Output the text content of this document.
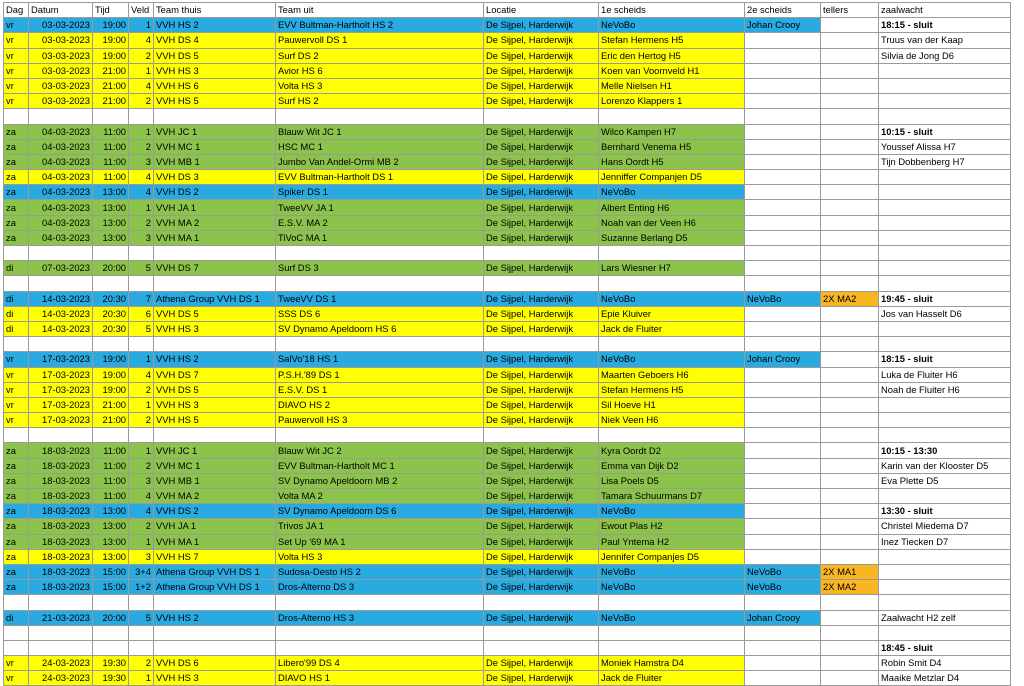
Dag	Datum	Tijd	Veld	Team thuis	Team uit	Locatie	1e scheids	2e scheids	tellers	zaalwacht
vr	03-03-2023	19:00	1	VVH HS 2	EVV Bultman-Hartholt HS 2	De Sijpel, Harderwijk	NeVoBo	Johan Crooy		18:15 - sluit
vr	03-03-2023	19:00	4	VVH DS 4	Pauwervoll DS 1	De Sijpel, Harderwijk	Stefan Hermens H5			Truus van der Kaap
vr	03-03-2023	19:00	2	VVH DS 5	Surf DS 2	De Sijpel, Harderwijk	Eric den Hertog H5			Silvia de Jong D6
vr	03-03-2023	21:00	1	VVH HS 3	Avior HS 6	De Sijpel, Harderwijk	Koen van Voornveld H1			
vr	03-03-2023	21:00	4	VVH HS 6	Volta HS 3	De Sijpel, Harderwijk	Melle Nielsen H1			
vr	03-03-2023	21:00	2	VVH HS 5	Surf HS 2	De Sijpel, Harderwijk	Lorenzo Klappers 1			

za	04-03-2023	11:00	1	VVH JC 1	Blauw Wit JC 1	De Sijpel, Harderwijk	Wilco Kampen H7			10:15 - sluit
za	04-03-2023	11:00	2	VVH MC 1	HSC MC 1	De Sijpel, Harderwijk	Bernhard Venema H5			Youssef Alissa H7
za	04-03-2023	11:00	3	VVH MB 1	Jumbo Van Andel-Ormi MB 2	De Sijpel, Harderwijk	Hans Oordt H5			Tijn Dobbenberg H7
za	04-03-2023	11:00	4	VVH DS 3	EVV Bultman-Hartholt DS 1	De Sijpel, Harderwijk	Jenniffer Companjen D5			
za	04-03-2023	13:00	4	VVH DS 2	Spiker DS 1	De Sijpel, Harderwijk	NeVoBo			
za	04-03-2023	13:00	1	VVH JA 1	TweeVV JA 1	De Sijpel, Harderwijk	Albert Enting H6			
za	04-03-2023	13:00	2	VVH MA 2	E.S.V. MA 2	De Sijpel, Harderwijk	Noah van der Veen H6			
za	04-03-2023	13:00	3	VVH MA 1	TiVoC MA 1	De Sijpel, Harderwijk	Suzanne Berlang D5			

di	07-03-2023	20:00	5	VVH DS 7	Surf DS 3	De Sijpel, Harderwijk	Lars Wiesner H7			

di	14-03-2023	20:30	7	Athena Group VVH DS 1	TweeVV DS 1	De Sijpel, Harderwijk	NeVoBo	NeVoBo	2X MA2	19:45 - sluit
di	14-03-2023	20:30	6	VVH DS 5	SSS DS 6	De Sijpel, Harderwijk	Epie Kluiver			Jos van Hasselt D6
di	14-03-2023	20:30	5	VVH HS 3	SV Dynamo Apeldoorn HS 6	De Sijpel, Harderwijk	Jack de Fluiter			

vr	17-03-2023	19:00	1	VVH HS 2	SalVo'18 HS 1	De Sijpel, Harderwijk	NeVoBo	Johan Crooy		18:15 - sluit
vr	17-03-2023	19:00	4	VVH DS 7	P.S.H.'89 DS 1	De Sijpel, Harderwijk	Maarten Geboers H6			Luka de Fluiter H6
vr	17-03-2023	19:00	2	VVH DS 5	E.S.V. DS 1	De Sijpel, Harderwijk	Stefan Hermens H5			Noah de Fluiter H6
vr	17-03-2023	21:00	1	VVH HS 3	DIAVO HS 2	De Sijpel, Harderwijk	Sil Hoeve H1			
vr	17-03-2023	21:00	2	VVH HS 5	Pauwervoll HS 3	De Sijpel, Harderwijk	Niek Veen H6			

za	18-03-2023	11:00	1	VVH JC 1	Blauw Wit JC 2	De Sijpel, Harderwijk	Kyra Oordt D2			10:15 - 13:30
za	18-03-2023	11:00	2	VVH MC 1	EVV Bultman-Hartholt MC 1	De Sijpel, Harderwijk	Emma van Dijk D2			Karin van der Klooster D5
za	18-03-2023	11:00	3	VVH MB 1	SV Dynamo Apeldoorn MB 2	De Sijpel, Harderwijk	Lisa Poels D5			Eva Plette D5
za	18-03-2023	11:00	4	VVH MA 2	Volta MA 2	De Sijpel, Harderwijk	Tamara Schuurmans D7			
za	18-03-2023	13:00	4	VVH DS 2	SV Dynamo Apeldoorn DS 6	De Sijpel, Harderwijk	NeVoBo			13:30 - sluit
za	18-03-2023	13:00	2	VVH JA 1	Trivos JA 1	De Sijpel, Harderwijk	Ewout Plas H2			Christel Miedema D7
za	18-03-2023	13:00	1	VVH MA 1	Set Up '69 MA 1	De Sijpel, Harderwijk	Paul Yntema H2			Inez Tiecken D7
za	18-03-2023	13:00	3	VVH HS 7	Volta HS 3	De Sijpel, Harderwijk	Jennifer Companjes D5			
za	18-03-2023	15:00	3+4	Athena Group VVH DS 1	Sudosa-Desto HS 2	De Sijpel, Harderwijk	NeVoBo	NeVoBo	2X MA1	
za	18-03-2023	15:00	1+2	Athena Group VVH DS 1	Dros-Alterno DS 3	De Sijpel, Harderwijk	NeVoBo	NeVoBo	2X MA2	

di	21-03-2023	20:00	5	VVH HS 2	Dros-Alterno HS 3	De Sijpel, Harderwijk	NeVoBo	Johan Crooy		Zaalwacht H2 zelf

										18:45 - sluit
vr	24-03-2023	19:30	2	VVH DS 6	Libero'99 DS 4	De Sijpel, Harderwijk	Moniek Hamstra D4			Robin Smit D4
vr	24-03-2023	19:30	1	VVH HS 3	DIAVO HS 1	De Sijpel, Harderwijk	Jack de Fluiter			Maaike Metzlar D4
